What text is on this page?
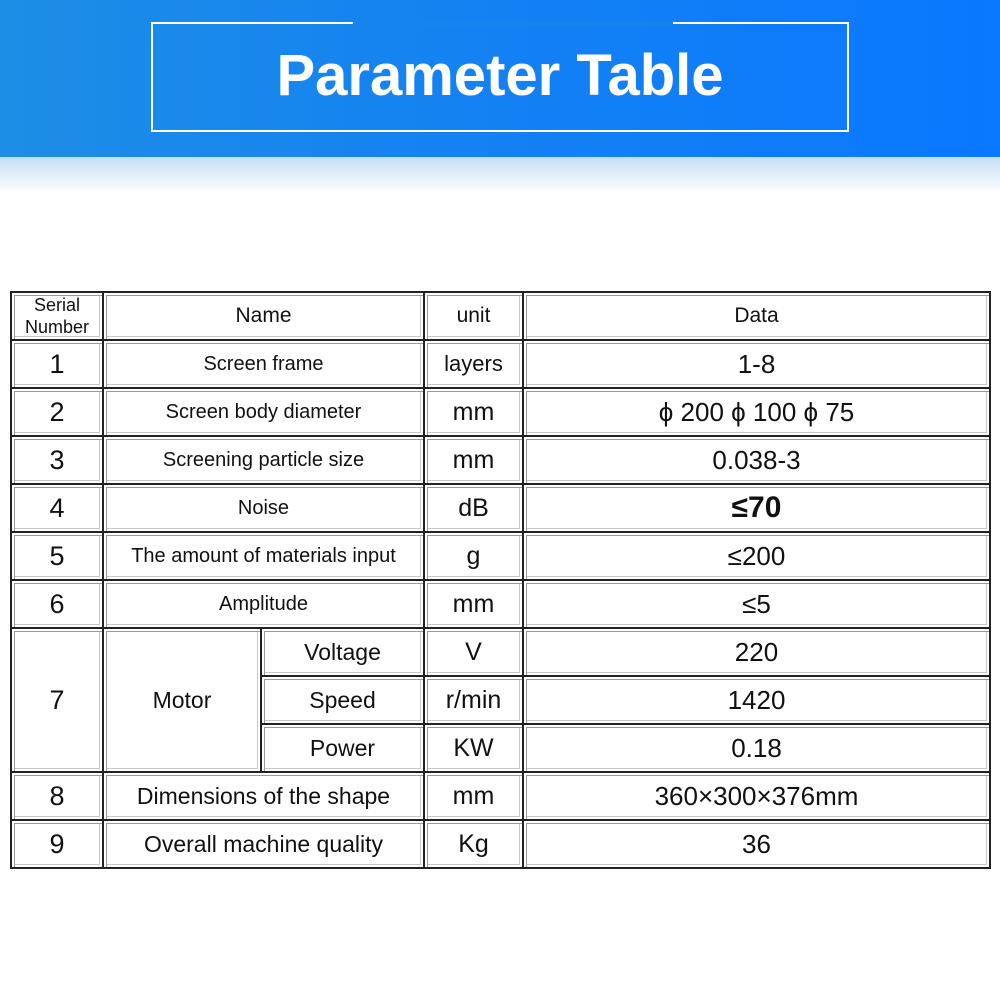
Parameter Table
Serial Number	Name		unit	Data
1	Screen frame		layers	1-8
2	Screen body diameter		mm	ϕ 200 ϕ 100 ϕ 75
3	Screening particle size		mm	0.038-3
4	Noise		dB	≤70
5	The amount of materials input		g	≤200
6	Amplitude		mm	≤5
7	Motor	Voltage	V	220
		Speed	r/min	1420
		Power	KW	0.18
8	Dimensions of the shape		mm	360×300×376mm
9	Overall machine quality		Kg	36
